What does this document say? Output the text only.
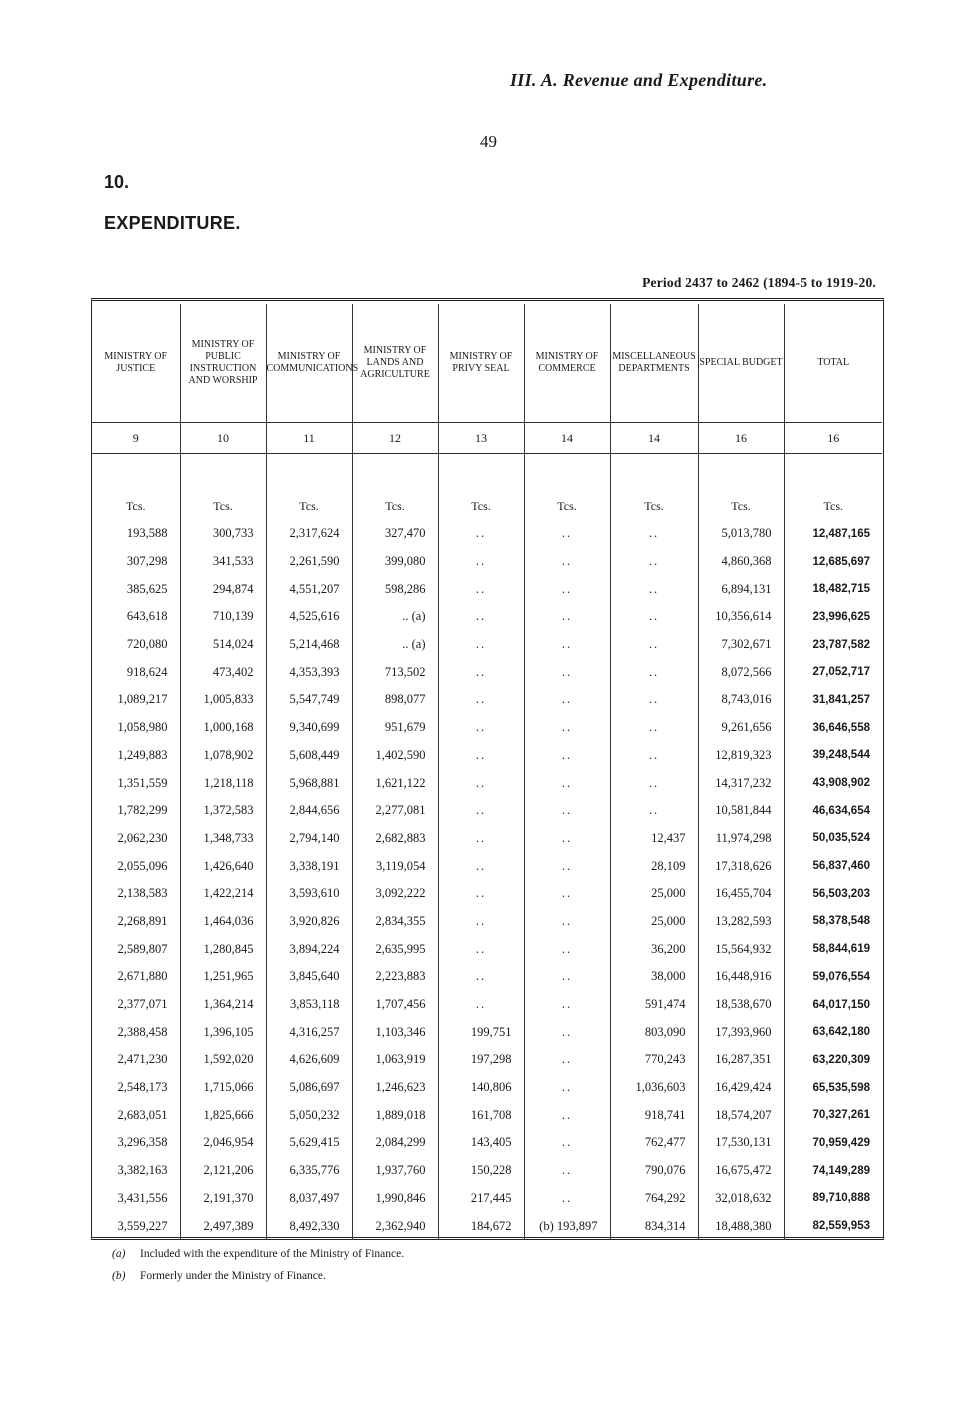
III. A. Revenue and Expenditure.
49
10.
EXPENDITURE.
Period 2437 to 2462 (1894-5 to 1919-20.
MINISTRY OF JUSTICE	MINISTRY OF PUBLIC INSTRUCTION AND WORSHIP	MINISTRY OF COMMUNICATIONS	MINISTRY OF LANDS AND AGRICULTURE	MINISTRY OF PRIVY SEAL	MINISTRY OF COMMERCE	MISCELLANEOUS DEPARTMENTS	SPECIAL BUDGET	TOTAL
9	10	11	12	13	14	14	16	16
Tcs.	Tcs.	Tcs.	Tcs.	Tcs.	Tcs.	Tcs.	Tcs.	Tcs.
193,588	300,733	2,317,624	327,470	..	..	..	5,013,780	12,487,165
307,298	341,533	2,261,590	399,080	..	..	..	4,860,368	12,685,697
385,625	294,874	4,551,207	598,286	..	..	..	6,894,131	18,482,715
643,618	710,139	4,525,616	.. (a)	..	..	..	10,356,614	23,996,625
720,080	514,024	5,214,468	.. (a)	..	..	..	7,302,671	23,787,582
918,624	473,402	4,353,393	713,502	..	..	..	8,072,566	27,052,717
1,089,217	1,005,833	5,547,749	898,077	..	..	..	8,743,016	31,841,257
1,058,980	1,000,168	9,340,699	951,679	..	..	..	9,261,656	36,646,558
1,249,883	1,078,902	5,608,449	1,402,590	..	..	..	12,819,323	39,248,544
1,351,559	1,218,118	5,968,881	1,621,122	..	..	..	14,317,232	43,908,902
1,782,299	1,372,583	2,844,656	2,277,081	..	..	..	10,581,844	46,634,654
2,062,230	1,348,733	2,794,140	2,682,883	..	..	12,437	11,974,298	50,035,524
2,055,096	1,426,640	3,338,191	3,119,054	..	..	28,109	17,318,626	56,837,460
2,138,583	1,422,214	3,593,610	3,092,222	..	..	25,000	16,455,704	56,503,203
2,268,891	1,464,036	3,920,826	2,834,355	..	..	25,000	13,282,593	58,378,548
2,589,807	1,280,845	3,894,224	2,635,995	..	..	36,200	15,564,932	58,844,619
2,671,880	1,251,965	3,845,640	2,223,883	..	..	38,000	16,448,916	59,076,554
2,377,071	1,364,214	3,853,118	1,707,456	..	..	591,474	18,538,670	64,017,150
2,388,458	1,396,105	4,316,257	1,103,346	199,751	..	803,090	17,393,960	63,642,180
2,471,230	1,592,020	4,626,609	1,063,919	197,298	..	770,243	16,287,351	63,220,309
2,548,173	1,715,066	5,086,697	1,246,623	140,806	..	1,036,603	16,429,424	65,535,598
2,683,051	1,825,666	5,050,232	1,889,018	161,708	..	918,741	18,574,207	70,327,261
3,296,358	2,046,954	5,629,415	2,084,299	143,405	..	762,477	17,530,131	70,959,429
3,382,163	2,121,206	6,335,776	1,937,760	150,228	..	790,076	16,675,472	74,149,289
3,431,556	2,191,370	8,037,497	1,990,846	217,445	..	764,292	32,018,632	89,710,888
3,559,227	2,497,389	8,492,330	2,362,940	184,672	(b) 193,897	834,314	18,488,380	82,559,953
(a) Included with the expenditure of the Ministry of Finance.
(b) Formerly under the Ministry of Finance.
